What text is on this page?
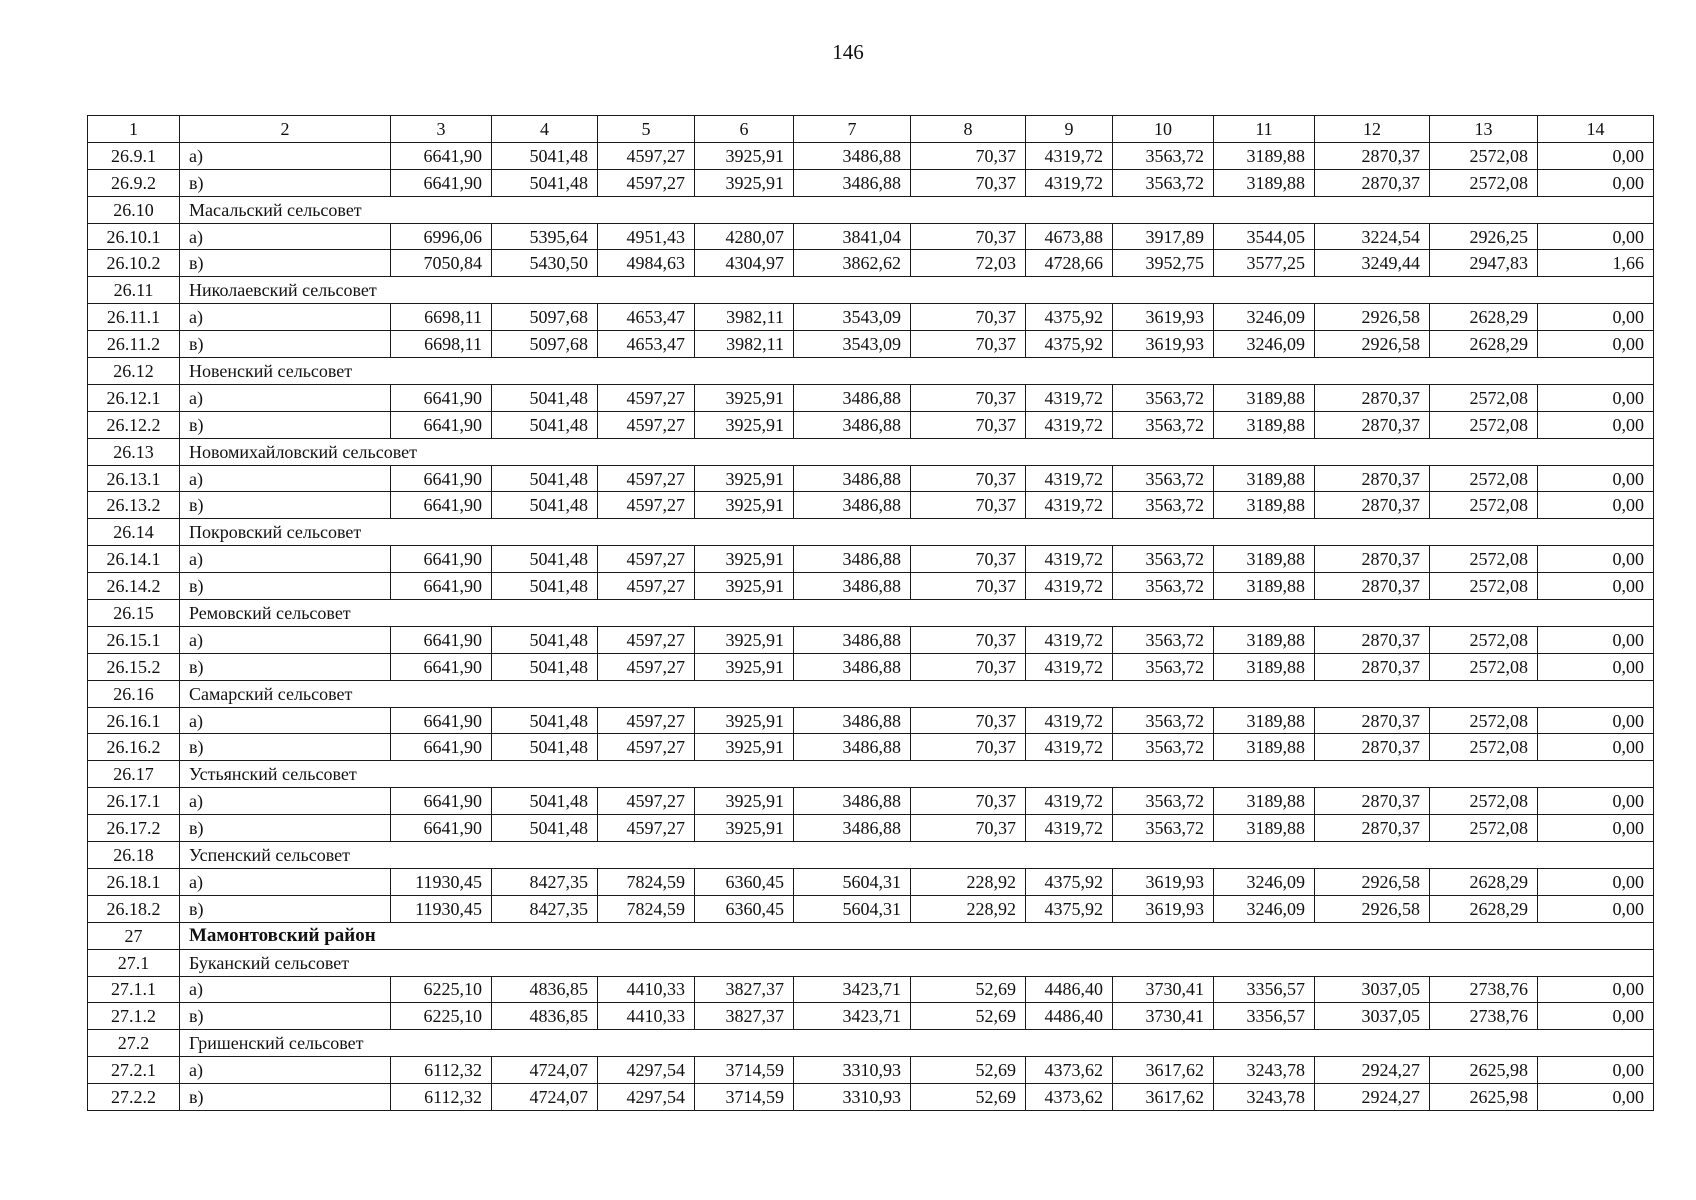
146
1	2	3	4	5	6	7	8	9	10	11	12	13	14
26.9.1	а)	6641,90	5041,48	4597,27	3925,91	3486,88	70,37	4319,72	3563,72	3189,88	2870,37	2572,08	0,00
26.9.2	в)	6641,90	5041,48	4597,27	3925,91	3486,88	70,37	4319,72	3563,72	3189,88	2870,37	2572,08	0,00
26.10	Масальский сельсовет												
26.10.1	а)	6996,06	5395,64	4951,43	4280,07	3841,04	70,37	4673,88	3917,89	3544,05	3224,54	2926,25	0,00
26.10.2	в)	7050,84	5430,50	4984,63	4304,97	3862,62	72,03	4728,66	3952,75	3577,25	3249,44	2947,83	1,66
26.11	Николаевский сельсовет												
26.11.1	а)	6698,11	5097,68	4653,47	3982,11	3543,09	70,37	4375,92	3619,93	3246,09	2926,58	2628,29	0,00
26.11.2	в)	6698,11	5097,68	4653,47	3982,11	3543,09	70,37	4375,92	3619,93	3246,09	2926,58	2628,29	0,00
26.12	Новенский сельсовет												
26.12.1	а)	6641,90	5041,48	4597,27	3925,91	3486,88	70,37	4319,72	3563,72	3189,88	2870,37	2572,08	0,00
26.12.2	в)	6641,90	5041,48	4597,27	3925,91	3486,88	70,37	4319,72	3563,72	3189,88	2870,37	2572,08	0,00
26.13	Новомихайловский сельсовет												
26.13.1	а)	6641,90	5041,48	4597,27	3925,91	3486,88	70,37	4319,72	3563,72	3189,88	2870,37	2572,08	0,00
26.13.2	в)	6641,90	5041,48	4597,27	3925,91	3486,88	70,37	4319,72	3563,72	3189,88	2870,37	2572,08	0,00
26.14	Покровский сельсовет												
26.14.1	а)	6641,90	5041,48	4597,27	3925,91	3486,88	70,37	4319,72	3563,72	3189,88	2870,37	2572,08	0,00
26.14.2	в)	6641,90	5041,48	4597,27	3925,91	3486,88	70,37	4319,72	3563,72	3189,88	2870,37	2572,08	0,00
26.15	Ремовский сельсовет												
26.15.1	а)	6641,90	5041,48	4597,27	3925,91	3486,88	70,37	4319,72	3563,72	3189,88	2870,37	2572,08	0,00
26.15.2	в)	6641,90	5041,48	4597,27	3925,91	3486,88	70,37	4319,72	3563,72	3189,88	2870,37	2572,08	0,00
26.16	Самарский сельсовет												
26.16.1	а)	6641,90	5041,48	4597,27	3925,91	3486,88	70,37	4319,72	3563,72	3189,88	2870,37	2572,08	0,00
26.16.2	в)	6641,90	5041,48	4597,27	3925,91	3486,88	70,37	4319,72	3563,72	3189,88	2870,37	2572,08	0,00
26.17	Устьянский сельсовет												
26.17.1	а)	6641,90	5041,48	4597,27	3925,91	3486,88	70,37	4319,72	3563,72	3189,88	2870,37	2572,08	0,00
26.17.2	в)	6641,90	5041,48	4597,27	3925,91	3486,88	70,37	4319,72	3563,72	3189,88	2870,37	2572,08	0,00
26.18	Успенский сельсовет												
26.18.1	а)	11930,45	8427,35	7824,59	6360,45	5604,31	228,92	4375,92	3619,93	3246,09	2926,58	2628,29	0,00
26.18.2	в)	11930,45	8427,35	7824,59	6360,45	5604,31	228,92	4375,92	3619,93	3246,09	2926,58	2628,29	0,00
27	Мамонтовский район												
27.1	Буканский сельсовет												
27.1.1	а)	6225,10	4836,85	4410,33	3827,37	3423,71	52,69	4486,40	3730,41	3356,57	3037,05	2738,76	0,00
27.1.2	в)	6225,10	4836,85	4410,33	3827,37	3423,71	52,69	4486,40	3730,41	3356,57	3037,05	2738,76	0,00
27.2	Гришенский сельсовет												
27.2.1	а)	6112,32	4724,07	4297,54	3714,59	3310,93	52,69	4373,62	3617,62	3243,78	2924,27	2625,98	0,00
27.2.2	в)	6112,32	4724,07	4297,54	3714,59	3310,93	52,69	4373,62	3617,62	3243,78	2924,27	2625,98	0,00
